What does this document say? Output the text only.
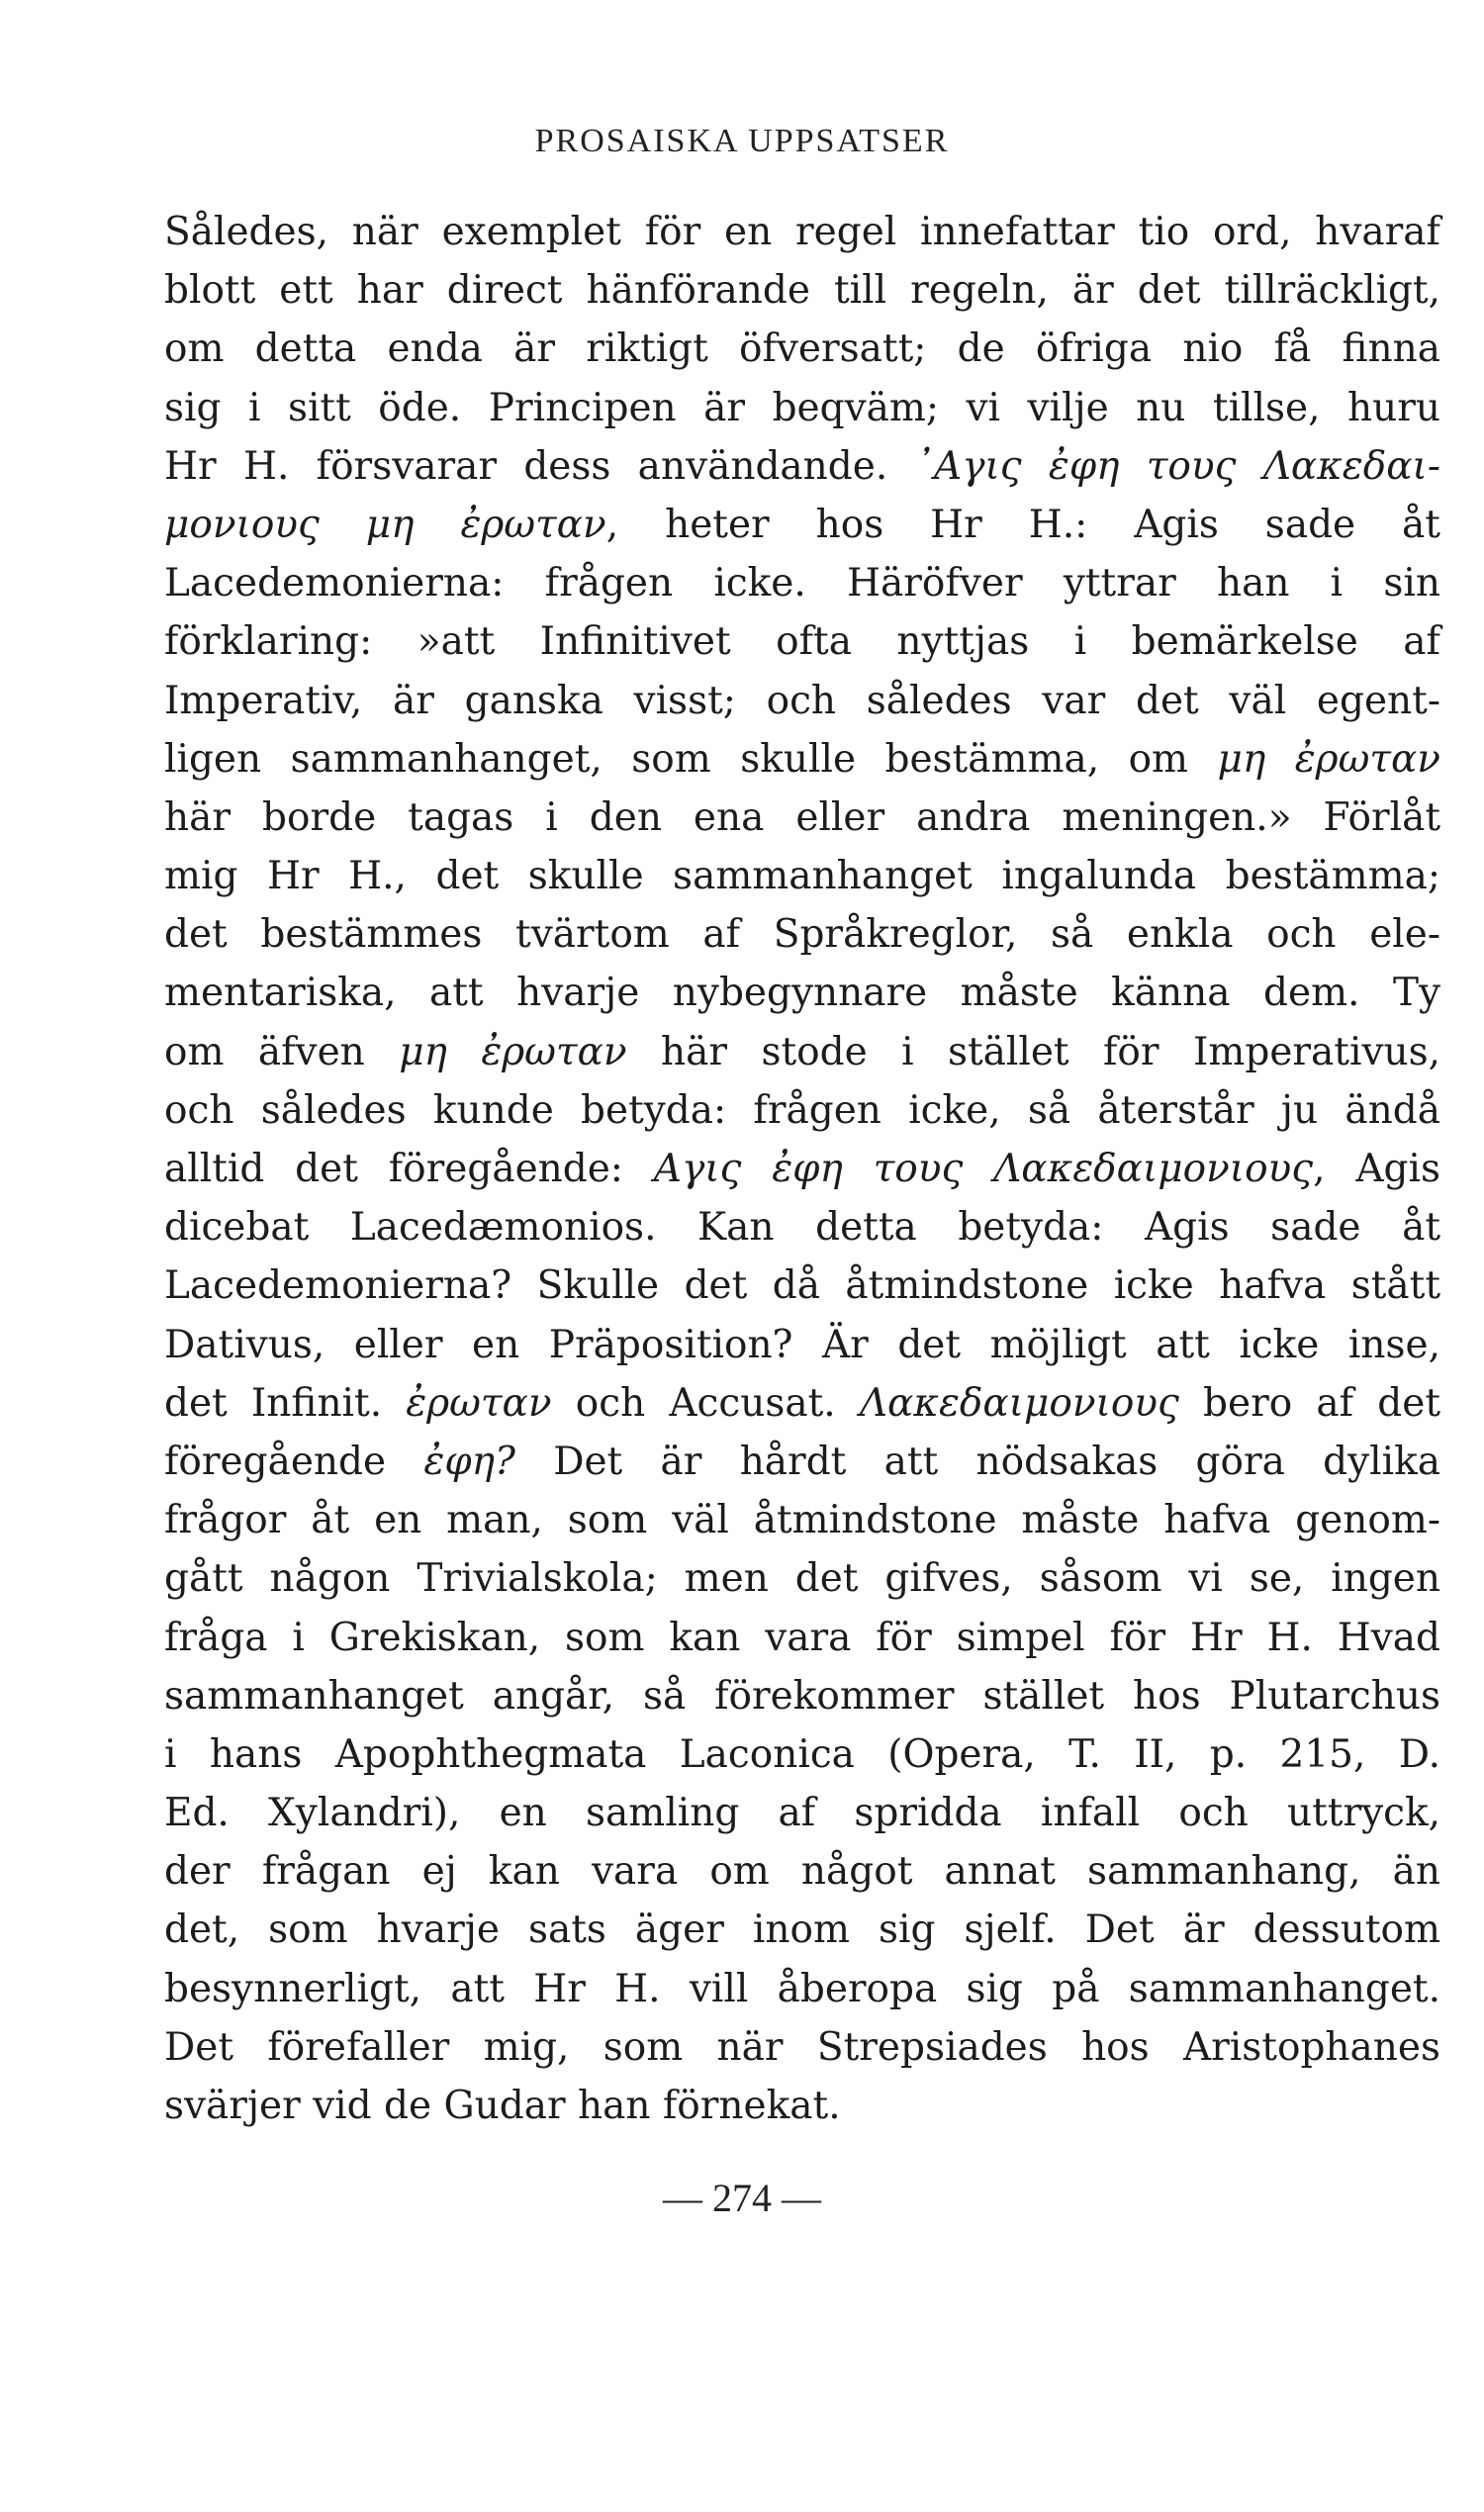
PROSAISKA UPPSATSER
Således, när exemplet för en regel innefattar tio ord, hvaraf
blott ett har direct hänförande till regeln, är det tillräckligt,
om detta enda är riktigt öfversatt; de öfriga nio få finna
sig i sitt öde. Principen är beqväm; vi vilje nu tillse, huru
Hr H. försvarar dess användande. ᾿Αγις ἐφη τους Λακεδαι-
μονιους μη ἐρωταν, heter hos Hr H.: Agis sade åt
Lacedemonierna: frågen icke. Häröfver yttrar han i sin
förklaring: »att Infinitivet ofta nyttjas i bemärkelse af
Imperativ, är ganska visst; och således var det väl egent-
ligen sammanhanget, som skulle bestämma, om μη ἐρωταν
här borde tagas i den ena eller andra meningen.» Förlåt
mig Hr H., det skulle sammanhanget ingalunda bestämma;
det bestämmes tvärtom af Språkreglor, så enkla och ele-
mentariska, att hvarje nybegynnare måste känna dem. Ty
om äfven μη ἐρωταν här stode i stället för Imperativus,
och således kunde betyda: frågen icke, så återstår ju ändå
alltid det föregående: Αγις ἐφη τους Λακεδαιμονιους, Agis
dicebat Lacedæmonios. Kan detta betyda: Agis sade åt
Lacedemonierna? Skulle det då åtmindstone icke hafva stått
Dativus, eller en Präposition? Är det möjligt att icke inse,
det Infinit. ἐρωταν och Accusat. Λακεδαιμονιους bero af det
föregående ἐφη? Det är hårdt att nödsakas göra dylika
frågor åt en man, som väl åtmindstone måste hafva genom-
gått någon Trivialskola; men det gifves, såsom vi se, ingen
fråga i Grekiskan, som kan vara för simpel för Hr H. Hvad
sammanhanget angår, så förekommer stället hos Plutarchus
i hans Apophthegmata Laconica (Opera, T. II, p. 215, D.
Ed. Xylandri), en samling af spridda infall och uttryck,
der frågan ej kan vara om något annat sammanhang, än
det, som hvarje sats äger inom sig sjelf. Det är dessutom
besynnerligt, att Hr H. vill åberopa sig på sammanhanget.
Det förefaller mig, som när Strepsiades hos Aristophanes
svärjer vid de Gudar han förnekat.
— 274 —
